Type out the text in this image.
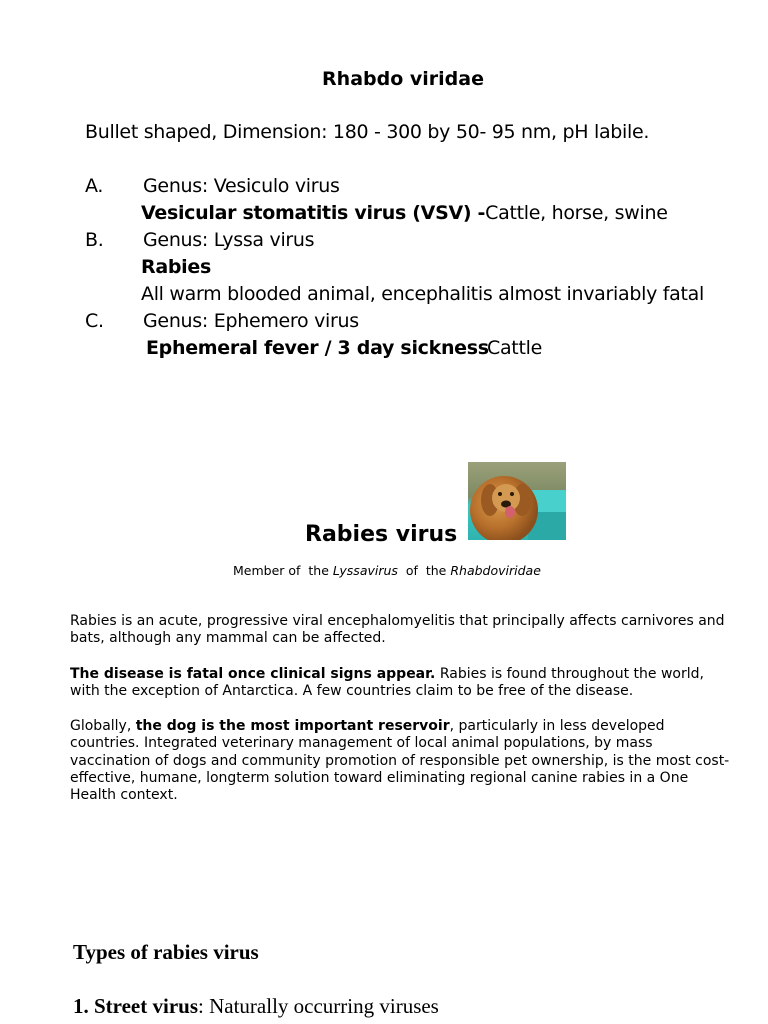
Rhabdo viridae
Bullet shaped, Dimension: 180 - 300 by 50- 95 nm, pH labile.
A. Genus: Vesiculo virus
Vesicular stomatitis virus (VSV) -Cattle, horse, swine
B. Genus: Lyssa virus
Rabies
All warm blooded animal, encephalitis almost invariably fatal
C. Genus: Ephemero virus
Ephemeral fever / 3 day sickness
Cattle
Rabies virus
Member of  the Lyssavirus  of  the Rhabdoviridae
Rabies is an acute, progressive viral encephalomyelitis that principally affects carnivores and bats, although any mammal can be affected.
The disease is fatal once clinical signs appear. Rabies is found throughout the world, with the exception of Antarctica. A few countries claim to be free of the disease.
Globally, the dog is the most important reservoir, particularly in less developed countries. Integrated veterinary management of local animal populations, by mass vaccination of dogs and community promotion of responsible pet ownership, is the most cost-effective, humane, longterm solution toward eliminating regional canine rabies in a One Health context.
Types of rabies virus
1. Street virus: Naturally occurring viruses
